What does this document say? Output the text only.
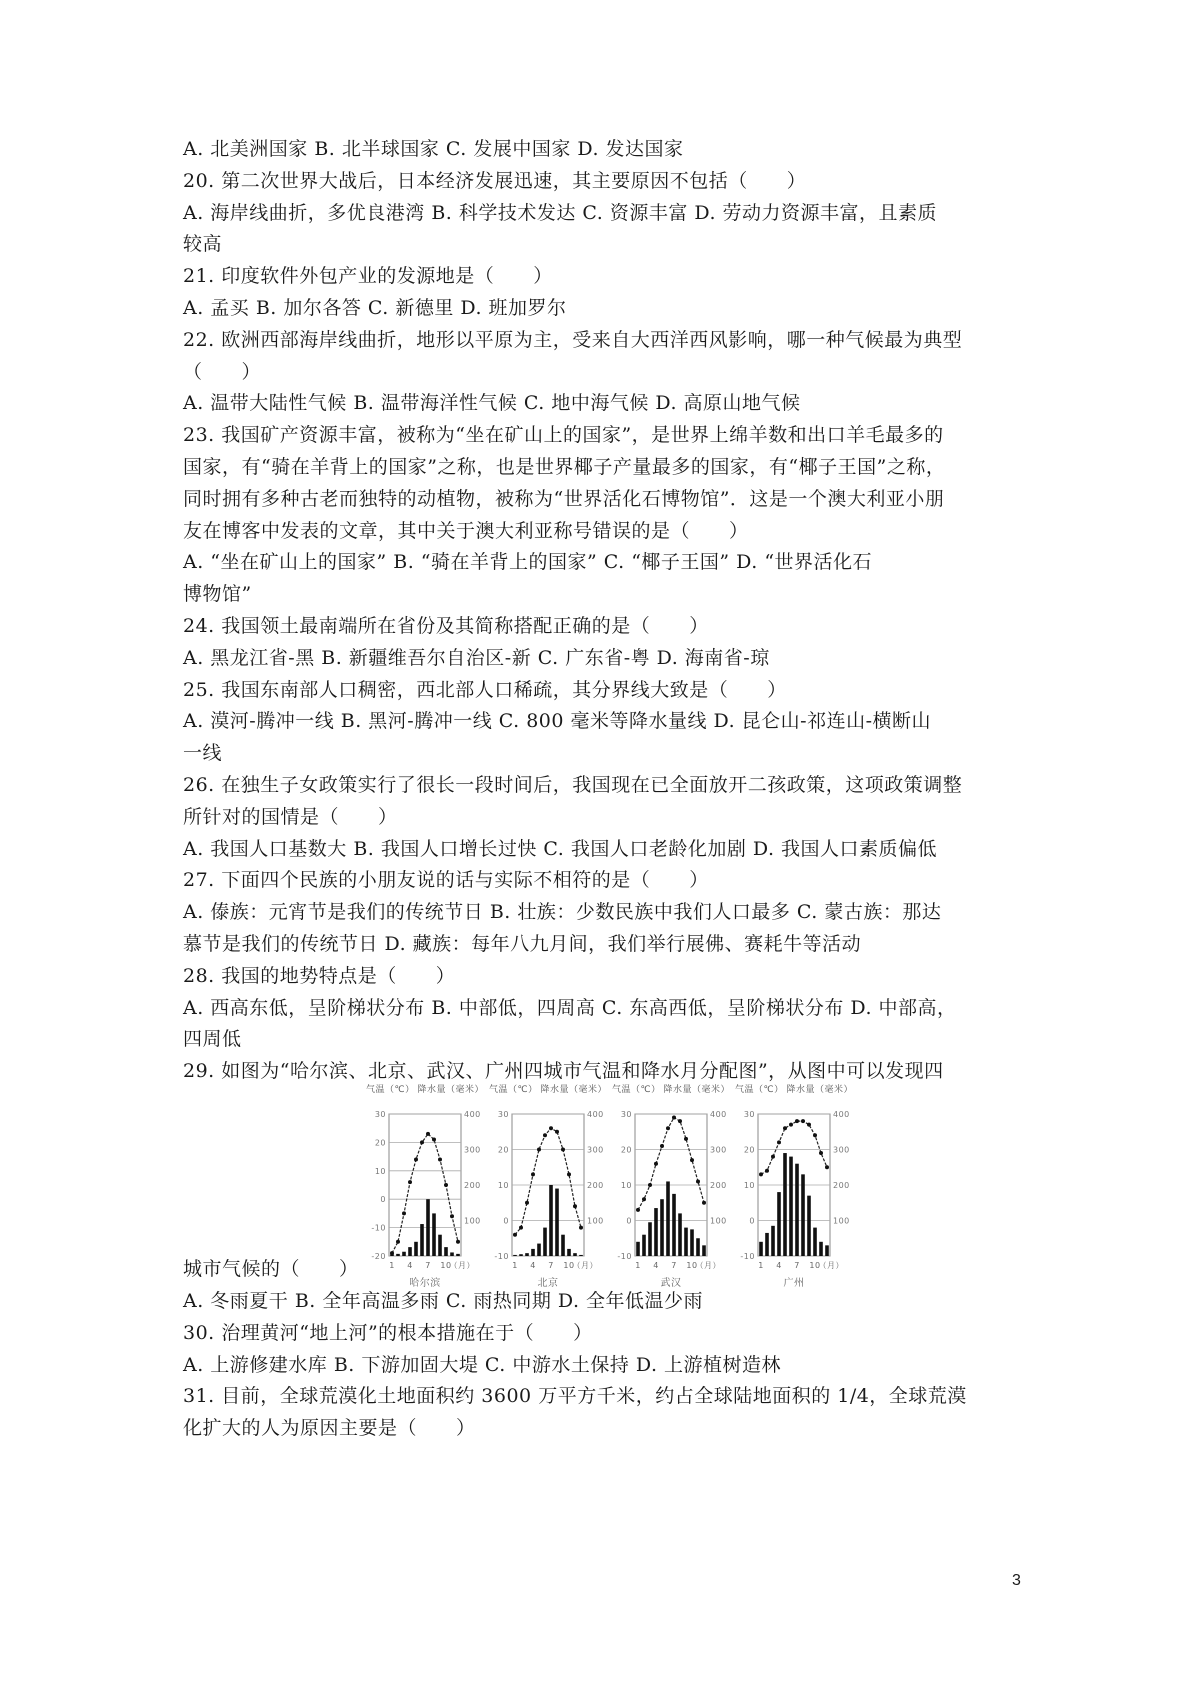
A. 北美洲国家 B. 北半球国家 C. 发展中国家 D. 发达国家
20. 第二次世界大战后，日本经济发展迅速，其主要原因不包括（　　）
A. 海岸线曲折，多优良港湾 B. 科学技术发达 C. 资源丰富 D. 劳动力资源丰富，且素质
较高
21. 印度软件外包产业的发源地是（　　）
A. 孟买 B. 加尔各答 C. 新德里 D. 班加罗尔
22. 欧洲西部海岸线曲折，地形以平原为主，受来自大西洋西风影响，哪一种气候最为典型
（　　）
A. 温带大陆性气候 B. 温带海洋性气候 C. 地中海气候 D. 高原山地气候
23. 我国矿产资源丰富，被称为“坐在矿山上的国家”，是世界上绵羊数和出口羊毛最多的
国家，有“骑在羊背上的国家”之称，也是世界椰子产量最多的国家，有“椰子王国”之称，
同时拥有多种古老而独特的动植物，被称为“世界活化石博物馆”．这是一个澳大利亚小朋
友在博客中发表的文章，其中关于澳大利亚称号错误的是（　　）
A. “坐在矿山上的国家” B. “骑在羊背上的国家” C. “椰子王国” D. “世界活化石
博物馆”
24. 我国领土最南端所在省份及其简称搭配正确的是（　　）
A. 黑龙江省-黑 B. 新疆维吾尔自治区-新 C. 广东省-粤 D. 海南省-琼
25. 我国东南部人口稠密，西北部人口稀疏，其分界线大致是（　　）
A. 漠河-腾冲一线 B. 黑河-腾冲一线 C. 800 毫米等降水量线 D. 昆仑山-祁连山-横断山
一线
26. 在独生子女政策实行了很长一段时间后，我国现在已全面放开二孩政策，这项政策调整
所针对的国情是（　　）
A. 我国人口基数大 B. 我国人口增长过快 C. 我国人口老龄化加剧 D. 我国人口素质偏低
27. 下面四个民族的小朋友说的话与实际不相符的是（　　）
A. 傣族：元宵节是我们的传统节日 B. 壮族：少数民族中我们人口最多 C. 蒙古族：那达
慕节是我们的传统节日 D. 藏族：每年八九月间，我们举行展佛、赛耗牛等活动
28. 我国的地势特点是（　　）
A. 西高东低，呈阶梯状分布 B. 中部低，四周高 C. 东高西低，呈阶梯状分布 D. 中部高，
四周低
29. 如图为“哈尔滨、北京、武汉、广州四城市气温和降水月分配图”，从图中可以发现四
城市气候的（　　）
气温（℃） 降水量（毫米）
-20
-10
0
10
20
30
100
200
300
400
1 4 7 10
（月）
哈尔滨
气温（℃） 降水量（毫米）
-10
0
10
20
30
100
200
300
400
1 4 7 10
（月）
北京
气温（℃） 降水量（毫米）
-10
0
10
20
30
100
200
300
400
1 4 7 10
（月）
武汉
气温（℃） 降水量（毫米）
-10
0
10
20
30
100
200
300
400
1 4 7 10
（月）
广州
A. 冬雨夏干 B. 全年高温多雨 C. 雨热同期 D. 全年低温少雨
30. 治理黄河“地上河”的根本措施在于（　　）
A. 上游修建水库 B. 下游加固大堤 C. 中游水土保持 D. 上游植树造林
31. 目前，全球荒漠化土地面积约 3600 万平方千米，约占全球陆地面积的 1/4，全球荒漠
化扩大的人为原因主要是（　　）
3
